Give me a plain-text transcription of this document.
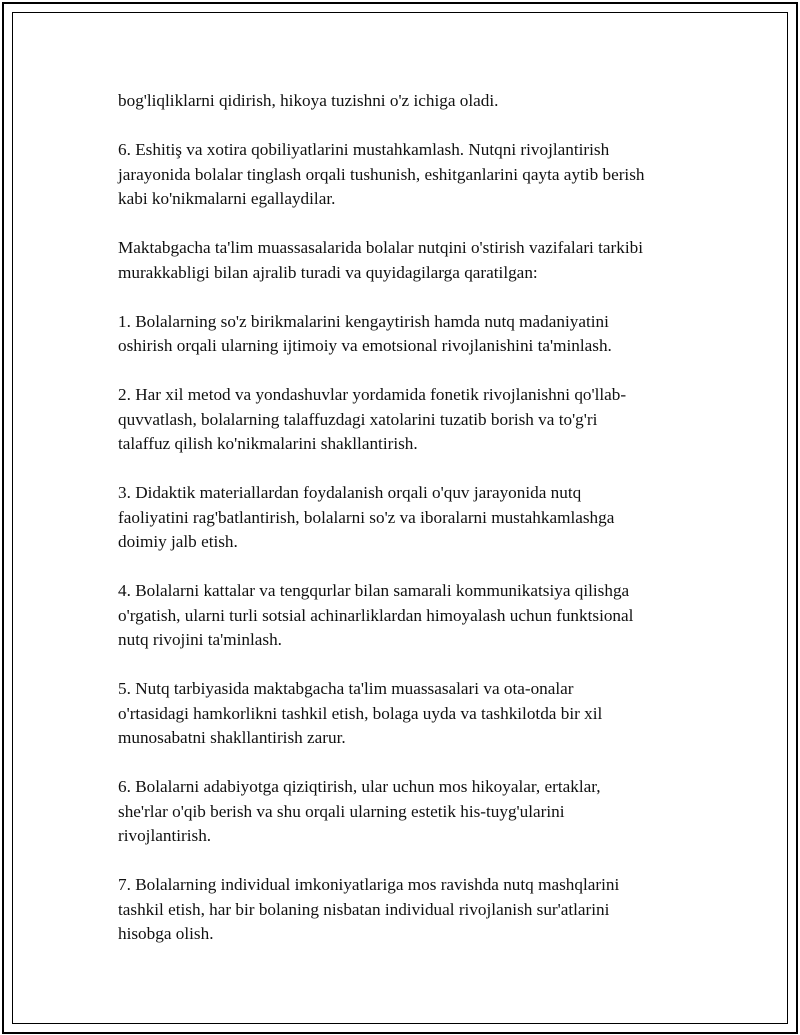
bog'liqliklarni qidirish, hikoya tuzishni o'z ichiga oladi.

6. Eshitiş va xotira qobiliyatlarini mustahkamlash. Nutqni rivojlantirish
jarayonida bolalar tinglash orqali tushunish, eshitganlarini qayta aytib berish
kabi ko'nikmalarni egallaydilar.

Maktabgacha ta'lim muassasalarida bolalar nutqini o'stirish vazifalari tarkibi
murakkabligi bilan ajralib turadi va quyidagilarga qaratilgan:

1. Bolalarning so'z birikmalarini kengaytirish hamda nutq madaniyatini
oshirish orqali ularning ijtimoiy va emotsional rivojlanishini ta'minlash.

2. Har xil metod va yondashuvlar yordamida fonetik rivojlanishni qo'llab-
quvvatlash, bolalarning talaffuzdagi xatolarini tuzatib borish va to'g'ri
talaffuz qilish ko'nikmalarini shakllantirish.

3. Didaktik materiallardan foydalanish orqali o'quv jarayonida nutq
faoliyatini rag'batlantirish, bolalarni so'z va iboralarni mustahkamlashga
doimiy jalb etish.

4. Bolalarni kattalar va tengqurlar bilan samarali kommunikatsiya qilishga
o'rgatish, ularni turli sotsial achinarliklardan himoyalash uchun funktsional
nutq rivojini ta'minlash.

5. Nutq tarbiyasida maktabgacha ta'lim muassasalari va ota-onalar
o'rtasidagi hamkorlikni tashkil etish, bolaga uyda va tashkilotda bir xil
munosabatni shakllantirish zarur.

6. Bolalarni adabiyotga qiziqtirish, ular uchun mos hikoyalar, ertaklar,
she'rlar o'qib berish va shu orqali ularning estetik his-tuyg'ularini
rivojlantirish.

7. Bolalarning individual imkoniyatlariga mos ravishda nutq mashqlarini
tashkil etish, har bir bolaning nisbatan individual rivojlanish sur'atlarini
hisobga olish.
